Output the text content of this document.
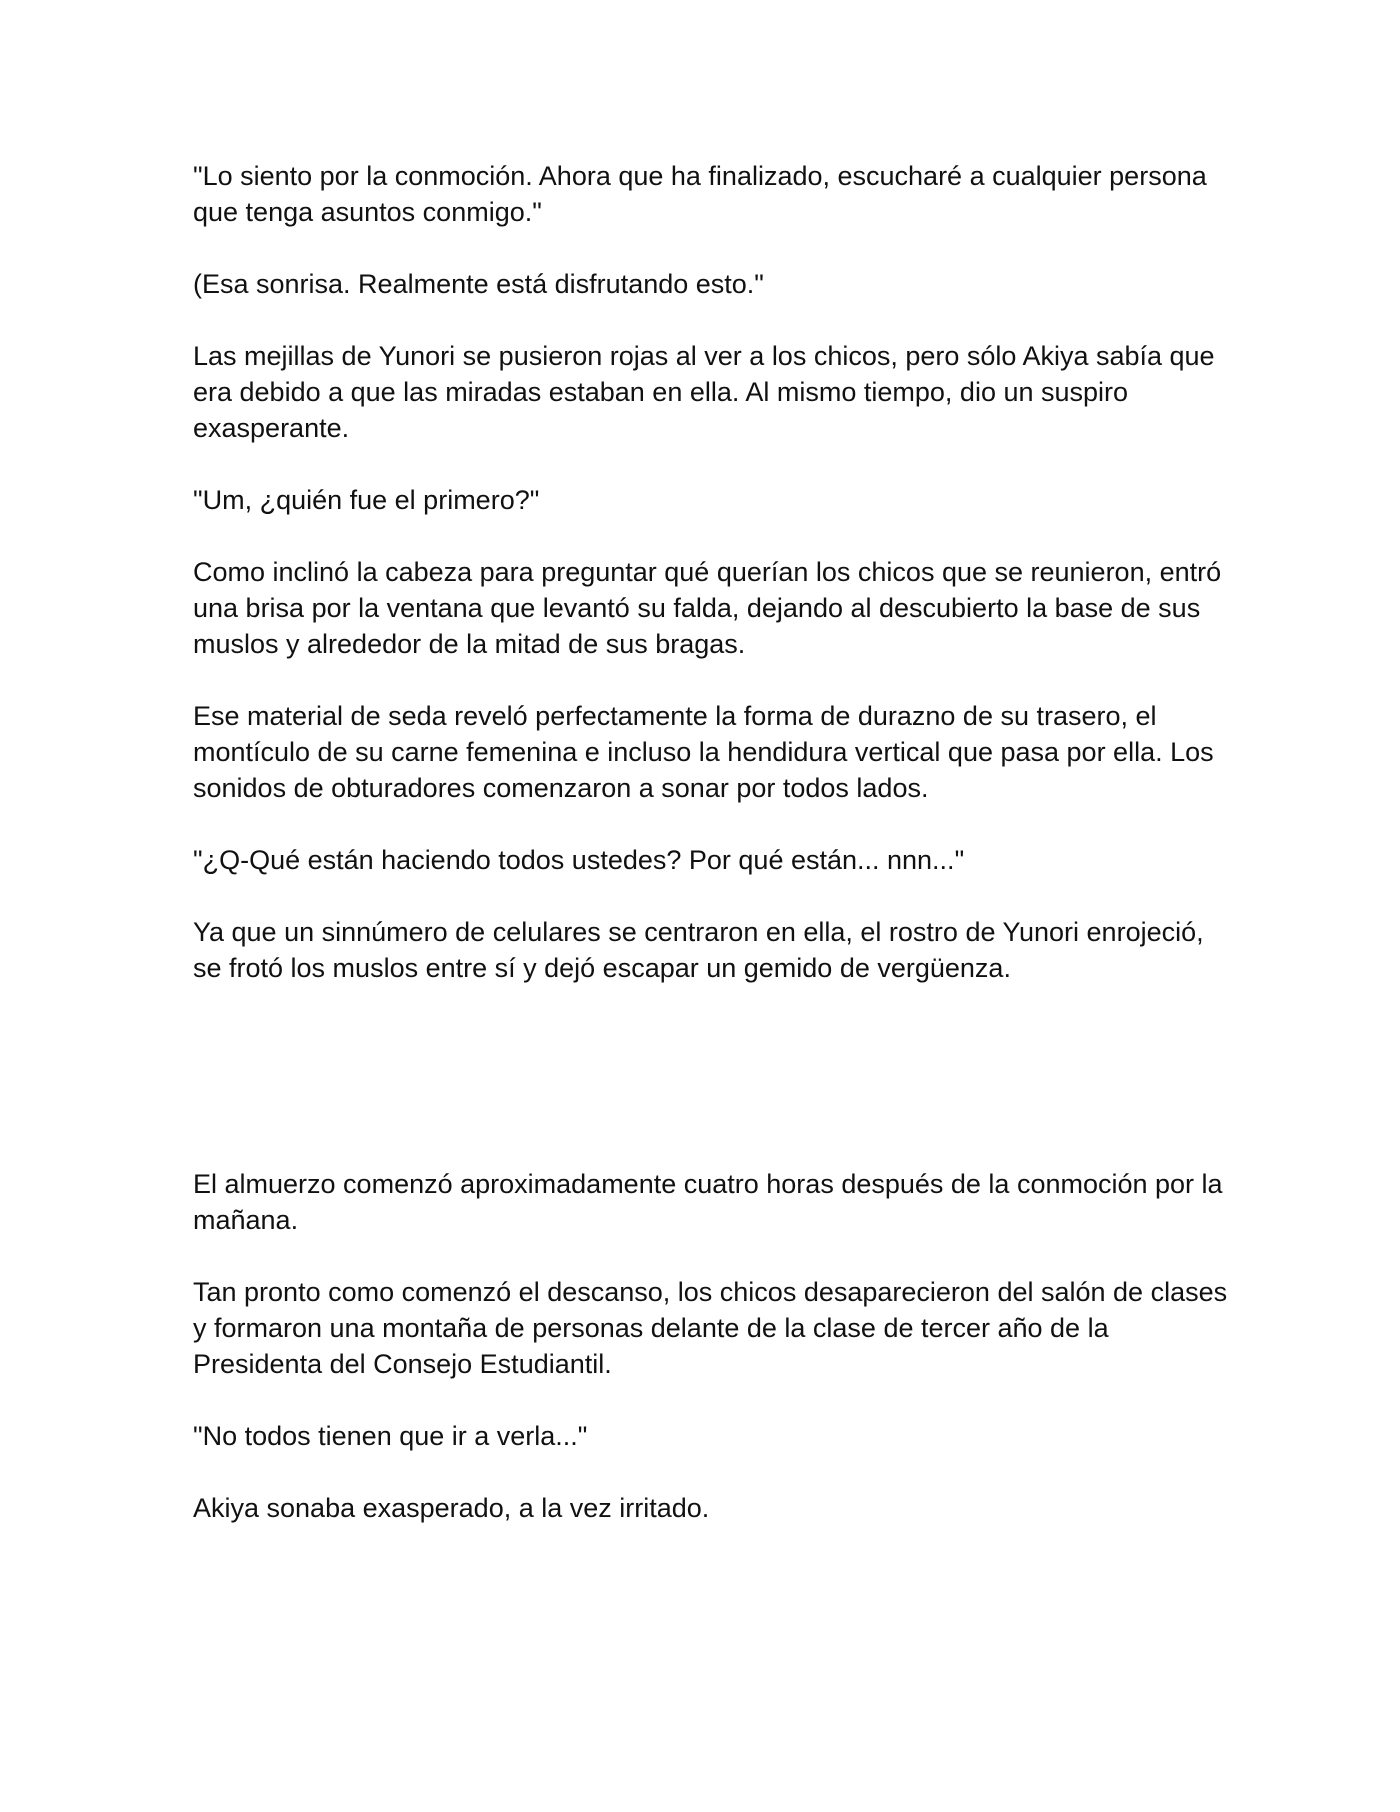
"Lo siento por la conmoción. Ahora que ha finalizado, escucharé a cualquier persona que tenga asuntos conmigo."

(Esa sonrisa. Realmente está disfrutando esto."

Las mejillas de Yunori se pusieron rojas al ver a los chicos, pero sólo Akiya sabía que era debido a que las miradas estaban en ella. Al mismo tiempo, dio un suspiro exasperante.

"Um, ¿quién fue el primero?"

Como inclinó la cabeza para preguntar qué querían los chicos que se reunieron, entró una brisa por la ventana que levantó su falda, dejando al descubierto la base de sus muslos y alrededor de la mitad de sus bragas.

Ese material de seda reveló perfectamente la forma de durazno de su trasero, el montículo de su carne femenina e incluso la hendidura vertical que pasa por ella. Los sonidos de obturadores comenzaron a sonar por todos lados.

"¿Q-Qué están haciendo todos ustedes? Por qué están... nnn..."

Ya que un sinnúmero de celulares se centraron en ella, el rostro de Yunori enrojeció, se frotó los muslos entre sí y dejó escapar un gemido de vergüenza.

El almuerzo comenzó aproximadamente cuatro horas después de la conmoción por la mañana.

Tan pronto como comenzó el descanso, los chicos desaparecieron del salón de clases y formaron una montaña de personas delante de la clase de tercer año de la Presidenta del Consejo Estudiantil.

"No todos tienen que ir a verla..."

Akiya sonaba exasperado, a la vez irritado.
